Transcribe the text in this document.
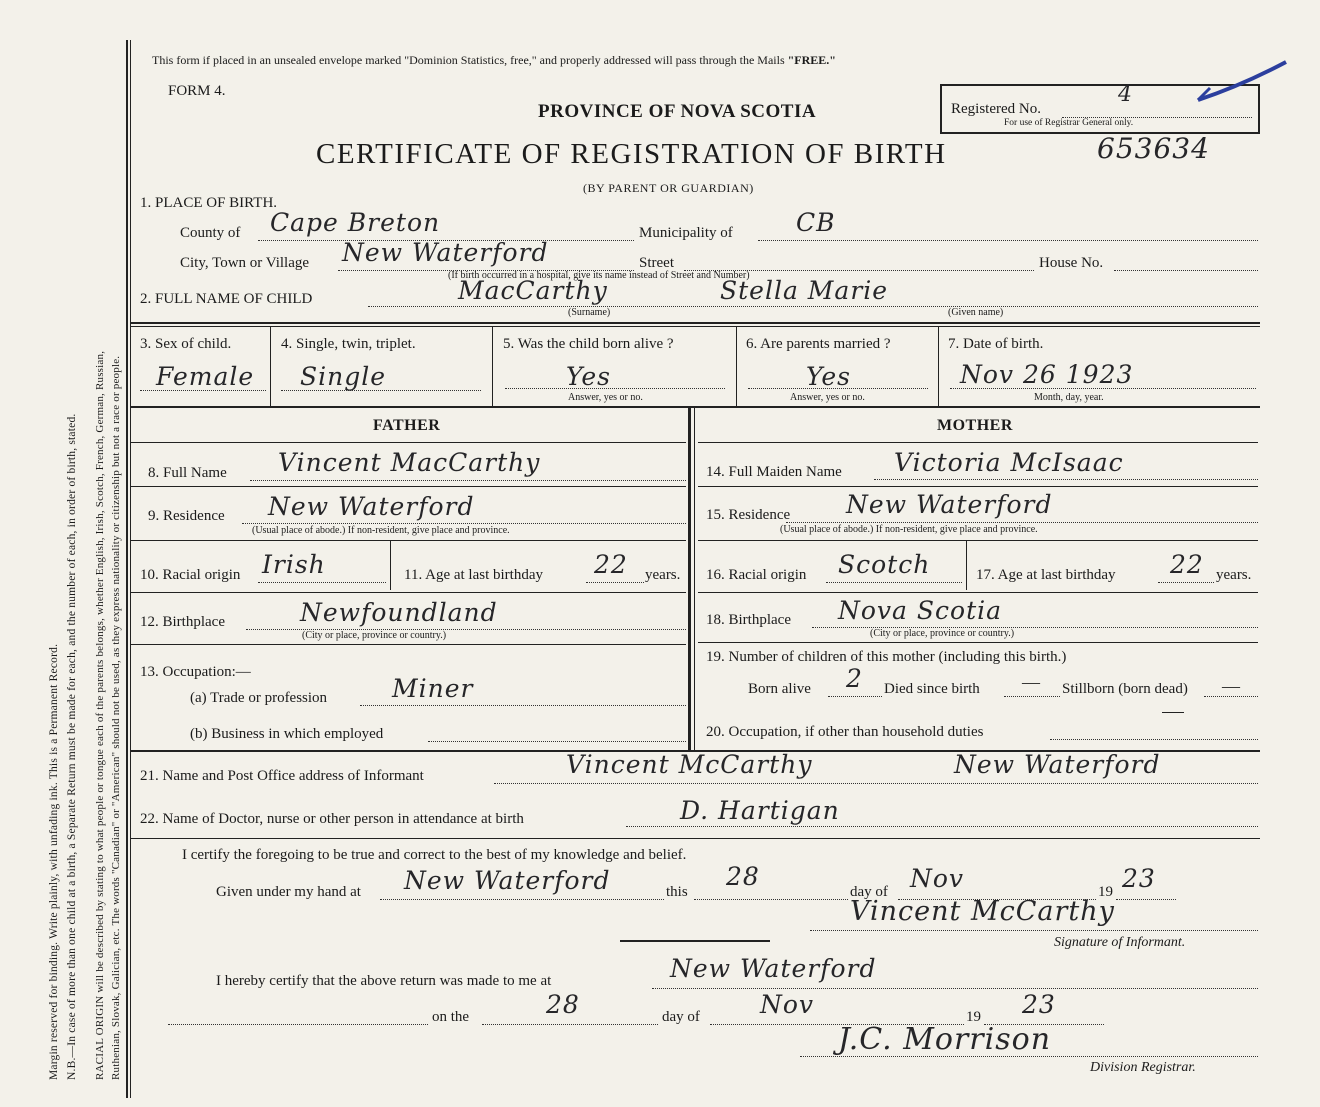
Margin reserved for binding. Write plainly, with unfading ink. This is a Permanent Record. N.B.—In case of more than one child at a birth, a Separate Return must be made for each, and the number of each, in order of birth, stated. RACIAL ORIGIN will be described by stating to what people or tongue each of the parents belongs, whether English, Irish, Scotch, French, German, Russian, Ruthenian, Slovak, Galician, etc. The words "Canadian" or "American" should not be used, as they express nationality or citizenship but not a race or people.
This form if placed in an unsealed envelope marked "Dominion Statistics, free," and properly addressed will pass through the Mails "FREE."
FORM 4.
PROVINCE OF NOVA SCOTIA
CERTIFICATE OF REGISTRATION OF BIRTH
(BY PARENT OR GUARDIAN)
Registered No.
4
For use of Registrar General only.
653634
1. PLACE OF BIRTH.
County of Cape Breton	Municipality of	CB
City, Town or Village New Waterford	Street	House No.
(If birth occurred in a hospital, give its name instead of Street and Number)
2. FULL NAME OF CHILD	MacCarthy	Stella Marie
(Surname)	(Given name)
3. Sex of child.
Female
4. Single, twin, triplet.
Single
5. Was the child born alive ?
Yes
Answer, yes or no.
6. Are parents married ?
Yes
Answer, yes or no.
7. Date of birth.
Nov 26 1923
Month, day, year.
FATHER	MOTHER
8. Full Name Vincent MacCarthy	14. Full Maiden Name Victoria McIsaac
9. Residence New Waterford
(Usual place of abode.) If non-resident, give place and province.
15. Residence New Waterford
(Usual place of abode.) If non-resident, give place and province.
10. Racial origin Irish	11. Age at last birthday 22 years. 16. Racial origin Scotch	17. Age at last birthday 22 years.
12. Birthplace	Newfoundland
(City or place, province or country.)
18. Birthplace Nova Scotia
(City or place, province or country.)
13. Occupation:—
(a) Trade or profession	Miner
(b) Business in which employed
19. Number of children of this mother (including this birth.)
Born alive 2 Died since birth — Stillborn (born dead) —
20. Occupation, if other than household duties
21. Name and Post Office address of Informant	Vincent McCarthy	New Waterford
22. Name of Doctor, nurse or other person in attendance at birth	D. Hartigan
I certify the foregoing to be true and correct to the best of my knowledge and belief.
Given under my hand at New Waterford	this
28
day of Nov	19 23
Vincent McCarthy
Signature of Informant.
I hereby certify that the above return was made to me at	New Waterford
on the	28	day of Nov	19 23
J.C. Morrison
Division Registrar.
